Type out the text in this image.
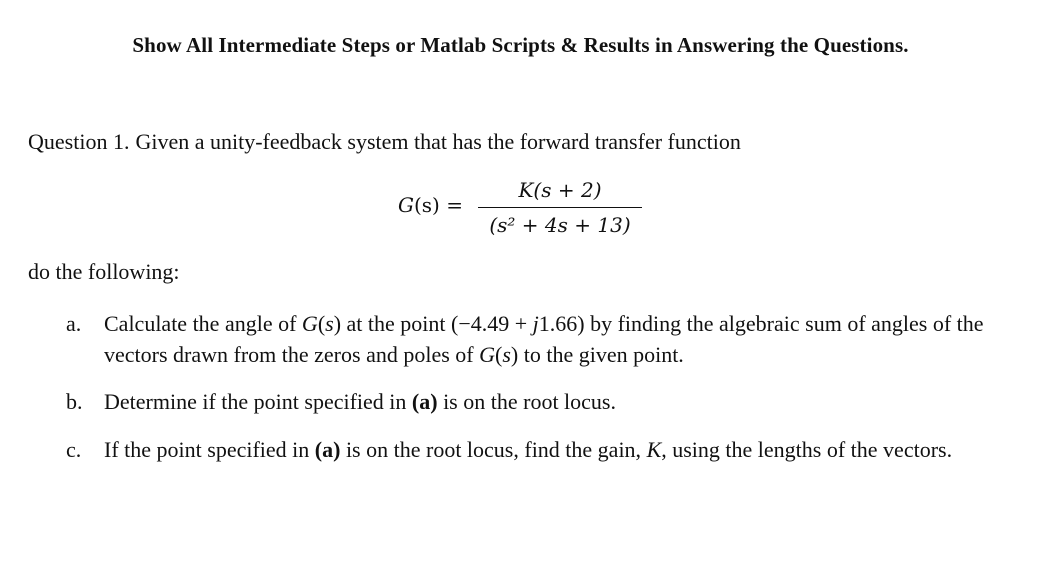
Show All Intermediate Steps or Matlab Scripts & Results in Answering the Questions.
Question 1. Given a unity-feedback system that has the forward transfer function
G(s) =
K(s + 2)
(s² + 4s + 13)
do the following:
a.	Calculate the angle of G(s) at the point (−4.49 + j1.66) by finding the algebraic sum of angles of the vectors drawn from the zeros and poles of G(s) to the given point.
b. Determine if the point specified in (a) is on the root locus.
c.	If the point specified in (a) is on the root locus, find the gain, K, using the lengths of the vectors.
